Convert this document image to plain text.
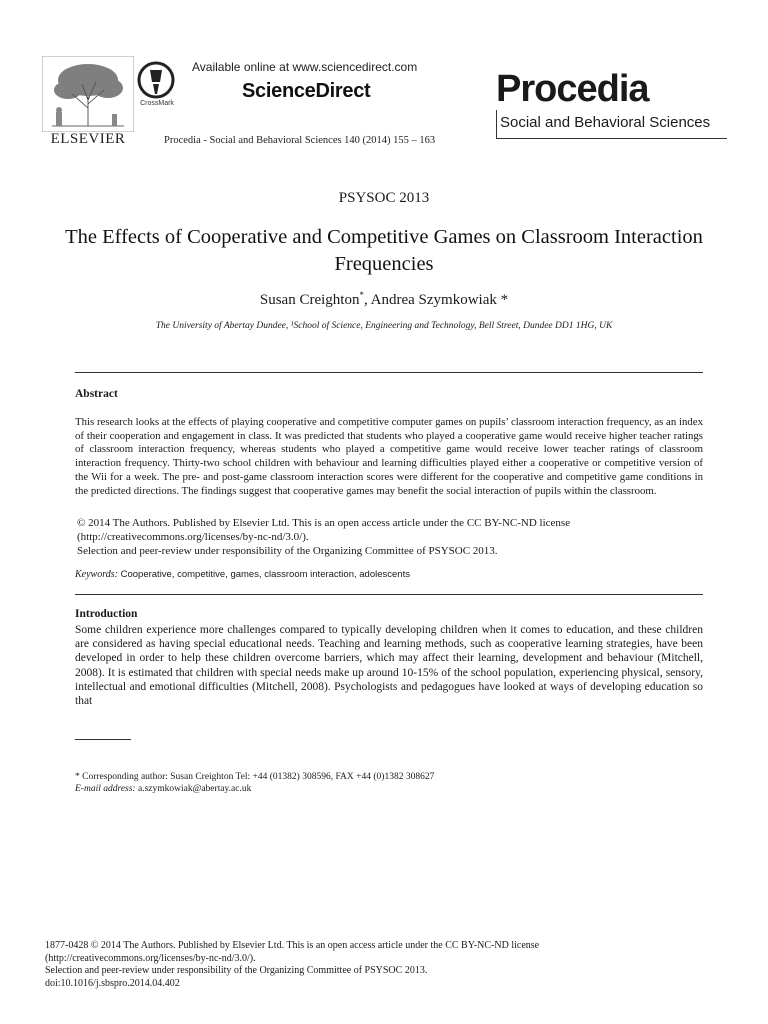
ELSEVIER
CrossMark
Available online at www.sciencedirect.com
ScienceDirect
Procedia - Social and Behavioral Sciences 140 (2014) 155 – 163
Procedia
Social and Behavioral Sciences
PSYSOC 2013
The Effects of Cooperative and Competitive Games on Classroom Interaction Frequencies
Susan Creighton*, Andrea Szymkowiak *
The University of Abertay Dundee, ¹School of Science, Engineering and Technology, Bell Street, Dundee DD1 1HG, UK
Abstract
This research looks at the effects of playing cooperative and competitive computer games on pupils’ classroom interaction frequency, as an index of their cooperation and engagement in class. It was predicted that students who played a cooperative game would receive higher teacher ratings of classroom interaction frequency, whereas students who played a competitive game would receive lower teacher ratings of classroom interaction frequency. Thirty-two school children with behaviour and learning difficulties played either a cooperative or competitive version of the Wii for a week. The pre- and post-game classroom interaction scores were different for the cooperative and competitive game conditions in the predicted directions. The findings suggest that cooperative games may benefit the social interaction of pupils within the classroom.
© 2014 The Authors. Published by Elsevier Ltd. This is an open access article under the CC BY-NC-ND license
(http://creativecommons.org/licenses/by-nc-nd/3.0/).
Selection and peer-review under responsibility of the Organizing Committee of PSYSOC 2013.
Keywords: Cooperative, competitive, games, classroom interaction, adolescents
Introduction
Some children experience more challenges compared to typically developing children when it comes to education, and these children are considered as having special educational needs. Teaching and learning methods, such as cooperative learning strategies, have been developed in order to help these children overcome barriers, which may affect their learning, development and behaviour (Mitchell, 2008). It is estimated that children with special needs make up around 10-15% of the school population, experiencing physical, sensory, intellectual and emotional difficulties (Mitchell, 2008). Psychologists and pedagogues have looked at ways of developing education so that
* Corresponding author: Susan Creighton Tel: +44 (01382) 308596, FAX +44 (0)1382 308627
E-mail address: a.szymkowiak@abertay.ac.uk
1877-0428 © 2014 The Authors. Published by Elsevier Ltd. This is an open access article under the CC BY-NC-ND license
(http://creativecommons.org/licenses/by-nc-nd/3.0/).
Selection and peer-review under responsibility of the Organizing Committee of PSYSOC 2013.
doi:10.1016/j.sbspro.2014.04.402
